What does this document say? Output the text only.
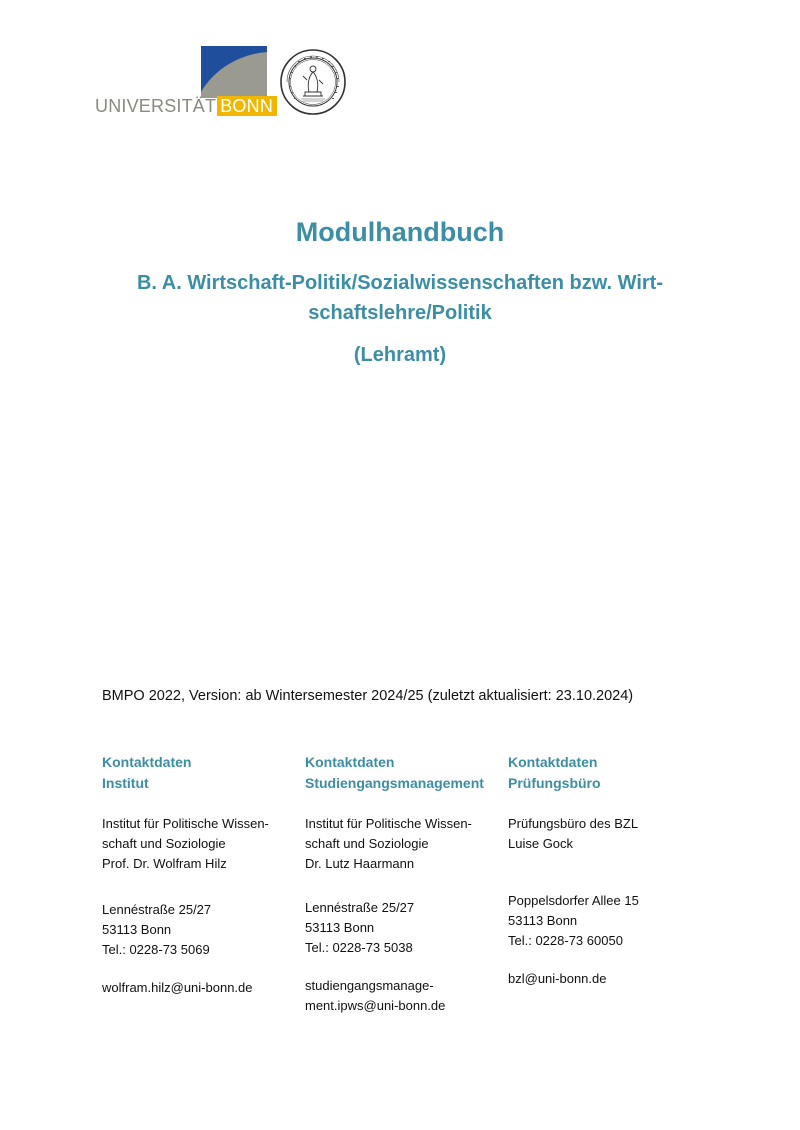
UNIVERSITÄT BONN
Modulhandbuch

B. A. Wirtschaft-Politik/Sozialwissenschaften bzw. Wirt-
schaftslehre/Politik

(Lehramt)

BMPO 2022, Version: ab Wintersemester 2024/25 (zuletzt aktualisiert: 23.10.2024)

Kontaktdaten
Institut

Institut für Politische Wissen-
schaft und Soziologie
Prof. Dr. Wolfram Hilz
Lennéstraße 25/27
53113 Bonn
Tel.: 0228-73 5069
wolfram.hilz@uni-bonn.de

Kontaktdaten
Studiengangsmanagement

Institut für Politische Wissen-
schaft und Soziologie
Dr. Lutz Haarmann
Lennéstraße 25/27
53113 Bonn
Tel.: 0228-73 5038
studiengangsmanage-
ment.ipws@uni-bonn.de

Kontaktdaten
Prüfungsbüro

Prüfungsbüro des BZL
Luise Gock
Poppelsdorfer Allee 15
53113 Bonn
Tel.: 0228-73 60050
bzl@uni-bonn.de
